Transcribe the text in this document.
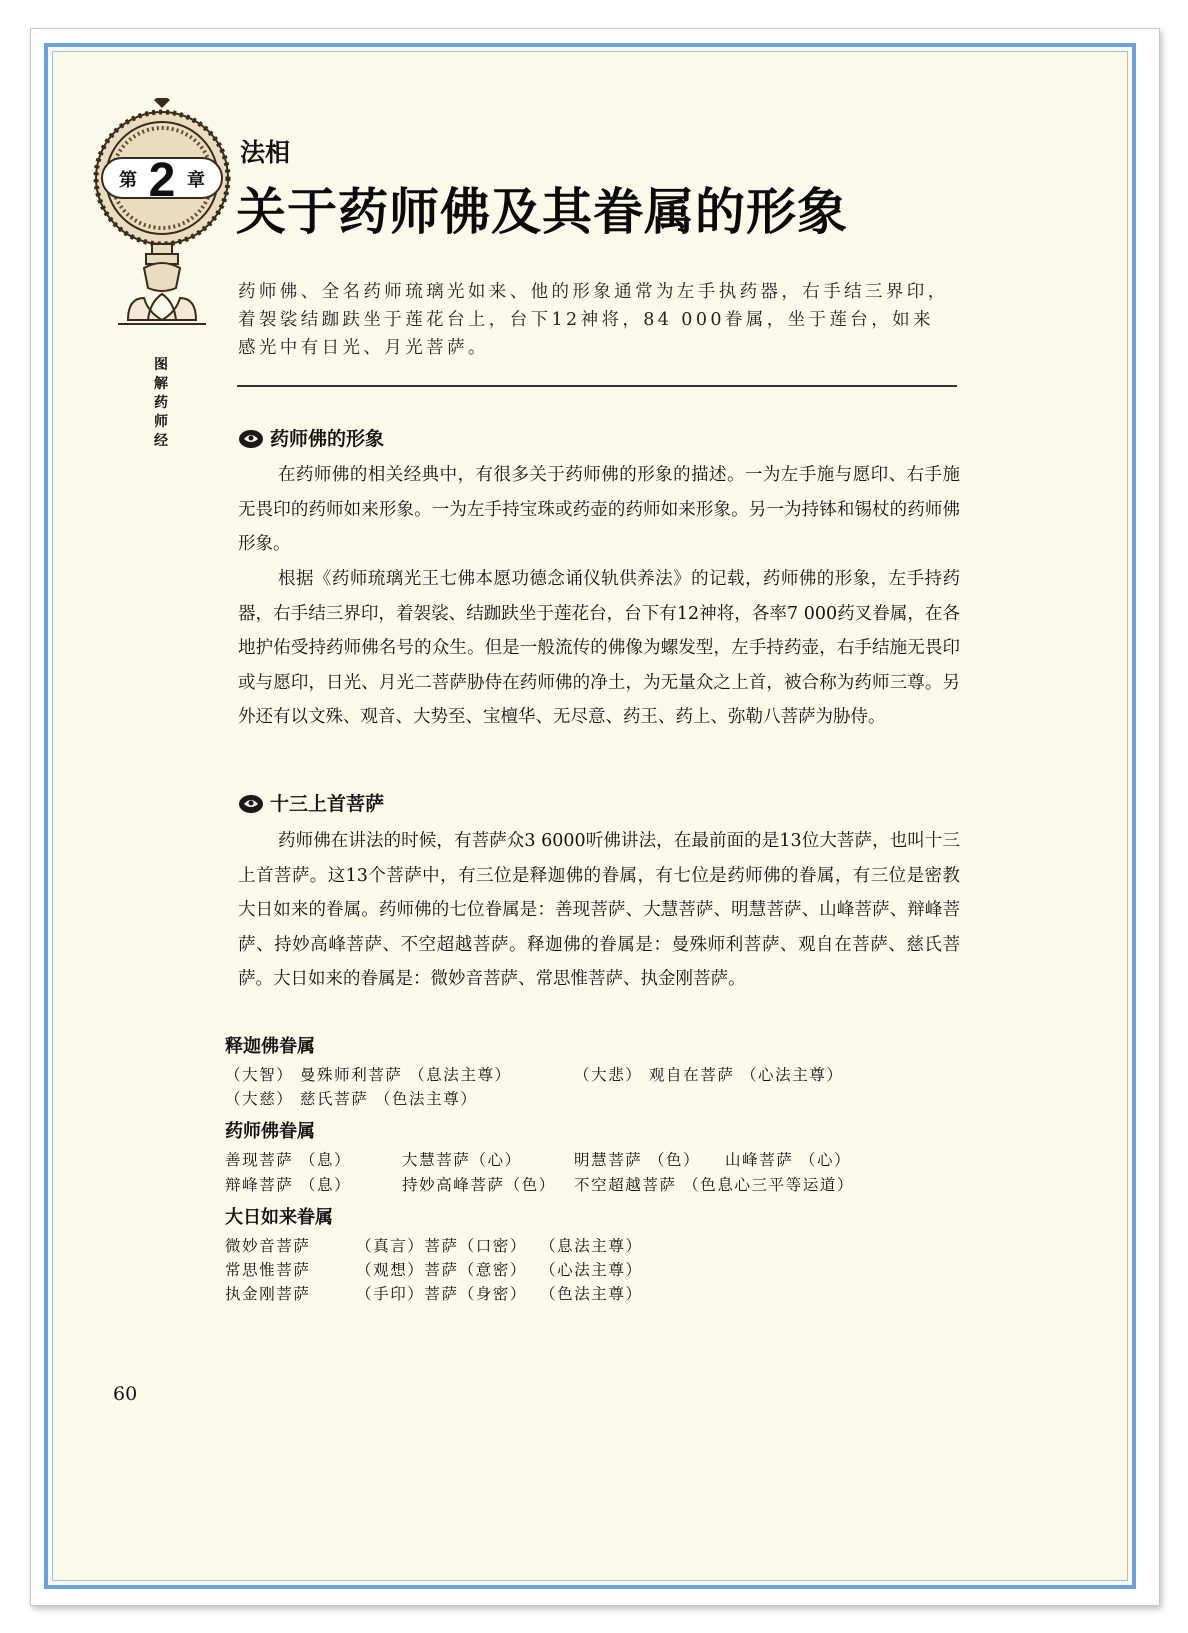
第 2 章
图
解
药
师
经
法相
关于药师佛及其眷属的形象
药师佛、全名药师琉璃光如来、他的形象通常为左手执药器，右手结三界印，着袈裟结跏趺坐于莲花台上，台下12神将，84 000眷属，坐于莲台，如来感光中有日光、月光菩萨。
药师佛的形象
在药师佛的相关经典中，有很多关于药师佛的形象的描述。一为左手施与愿印、右手施无畏印的药师如来形象。一为左手持宝珠或药壶的药师如来形象。另一为持钵和锡杖的药师佛形象。
根据《药师琉璃光王七佛本愿功德念诵仪轨供养法》的记载，药师佛的形象，左手持药器，右手结三界印，着袈裟、结跏趺坐于莲花台，台下有12神将，各率7 000药叉眷属，在各地护佑受持药师佛名号的众生。但是一般流传的佛像为螺发型，左手持药壶，右手结施无畏印或与愿印，日光、月光二菩萨胁侍在药师佛的净土，为无量众之上首，被合称为药师三尊。另外还有以文殊、观音、大势至、宝檀华、无尽意、药王、药上、弥勒八菩萨为胁侍。
十三上首菩萨
药师佛在讲法的时候，有菩萨众3 6000听佛讲法，在最前面的是13位大菩萨，也叫十三上首菩萨。这13个菩萨中，有三位是释迦佛的眷属，有七位是药师佛的眷属，有三位是密教大日如来的眷属。药师佛的七位眷属是：善现菩萨、大慧菩萨、明慧菩萨、山峰菩萨、辩峰菩萨、持妙高峰菩萨、不空超越菩萨。释迦佛的眷属是：曼殊师利菩萨、观自在菩萨、慈氏菩萨。大日如来的眷属是：微妙音菩萨、常思惟菩萨、执金刚菩萨。
释迦佛眷属
（大智） 曼殊师利菩萨 （息法主尊）	（大悲） 观自在菩萨 （心法主尊）
（大慈） 慈氏菩萨 （色法主尊）
药师佛眷属
善现菩萨 （息）	大慧菩萨（心）	明慧菩萨 （色） 山峰菩萨 （心）
辩峰菩萨 （息）	持妙高峰菩萨（色） 不空超越菩萨 （色息心三平等运道）
大日如来眷属
微妙音菩萨	（真言）菩萨（口密） （息法主尊）
常思惟菩萨	（观想）菩萨（意密） （心法主尊）
执金刚菩萨	（手印）菩萨（身密） （色法主尊）
60
